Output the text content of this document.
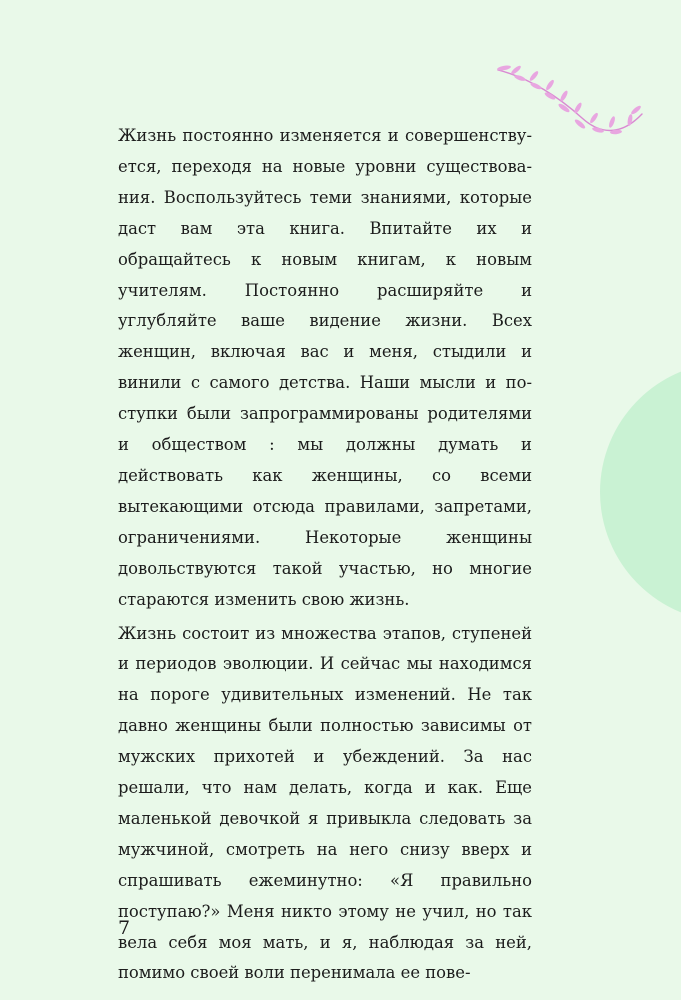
Жизнь постоянно изменяется и совершенствуется, переходя на новые уровни существования. Воспользуйтесь теми знаниями, которые даст вам эта книга. Впитайте их и обращайтесь к новым книгам, к новым учителям. Постоянно расширяйте и углубляйте ваше видение жизни. Всех женщин, включая вас и меня, стыдили и винили с самого детства. Наши мысли и поступки были запрограммированы родителями и обществом : мы должны думать и действовать как женщины, со всеми вытекающими отсюда правилами, запретами, ограничениями. Некоторые женщины довольствуются такой участью, но многие стараются изменить свою жизнь.

Жизнь состоит из множества этапов, ступеней и периодов эволюции. И сейчас мы находимся на пороге удивительных изменений. Не так давно женщины были полностью зависимы от мужских прихотей и убеждений. За нас решали, что нам делать, когда и как. Еще маленькой девочкой я привыкла следовать за мужчиной, смотреть на него снизу вверх и спрашивать ежеминутно: «Я правильно поступаю?» Меня никто этому не учил, но так вела себя моя мать, и я, наблюдая за ней, помимо своей воли перенимала ее пове-

7
